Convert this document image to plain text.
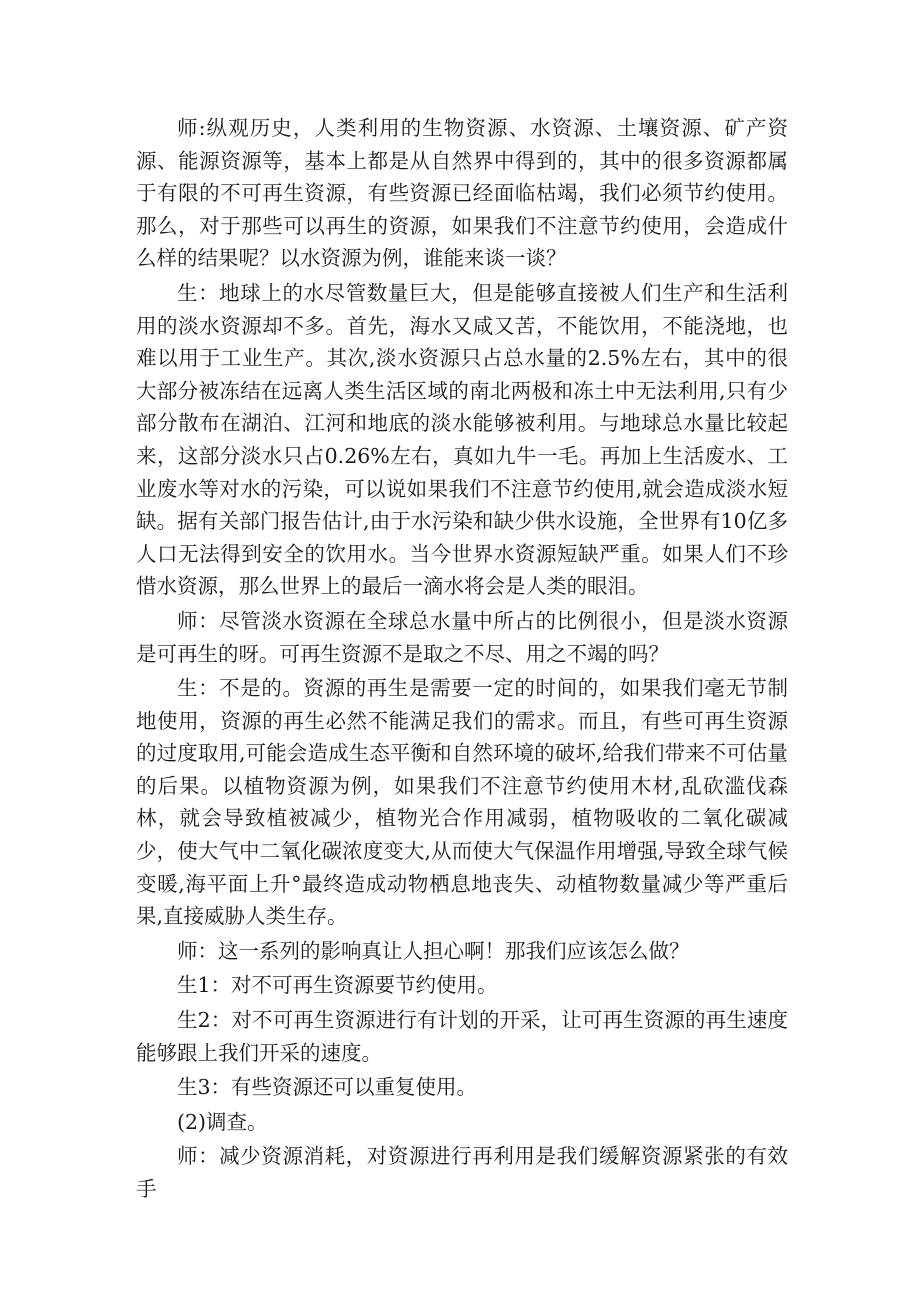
师:纵观历史，人类利用的生物资源、水资源、土壤资源、矿产资源、能源资源等，基本上都是从自然界中得到的，其中的很多资源都属于有限的不可再生资源，有些资源已经面临枯竭，我们必须节约使用。那么，对于那些可以再生的资源，如果我们不注意节约使用，会造成什么样的结果呢？以水资源为例，谁能来谈一谈？

生：地球上的水尽管数量巨大，但是能够直接被人们生产和生活利用的淡水资源却不多。首先，海水又咸又苦，不能饮用，不能浇地，也难以用于工业生产。其次,淡水资源只占总水量的2.5%左右，其中的很大部分被冻结在远离人类生活区域的南北两极和冻土中无法利用,只有少部分散布在湖泊、江河和地底的淡水能够被利用。与地球总水量比较起来，这部分淡水只占0.26%左右，真如九牛一毛。再加上生活废水、工业废水等对水的污染，可以说如果我们不注意节约使用,就会造成淡水短缺。据有关部门报告估计,由于水污染和缺少供水设施，全世界有10亿多人口无法得到安全的饮用水。当今世界水资源短缺严重。如果人们不珍惜水资源，那么世界上的最后一滴水将会是人类的眼泪。

师：尽管淡水资源在全球总水量中所占的比例很小，但是淡水资源是可再生的呀。可再生资源不是取之不尽、用之不竭的吗？

生：不是的。资源的再生是需要一定的时间的，如果我们毫无节制地使用，资源的再生必然不能满足我们的需求。而且，有些可再生资源的过度取用,可能会造成生态平衡和自然环境的破坏,给我们带来不可估量的后果。以植物资源为例，如果我们不注意节约使用木材,乱砍滥伐森林，就会导致植被减少，植物光合作用减弱，植物吸收的二氧化碳减少，使大气中二氧化碳浓度变大,从而使大气保温作用增强,导致全球气候变暖,海平面上升°最终造成动物栖息地丧失、动植物数量减少等严重后果,直接威胁人类生存。

师：这一系列的影响真让人担心啊！那我们应该怎么做？

生1：对不可再生资源要节约使用。

生2：对不可再生资源进行有计划的开采，让可再生资源的再生速度能够跟上我们开采的速度。

生3：有些资源还可以重复使用。

(2)调查。

师：减少资源消耗，对资源进行再利用是我们缓解资源紧张的有效手
